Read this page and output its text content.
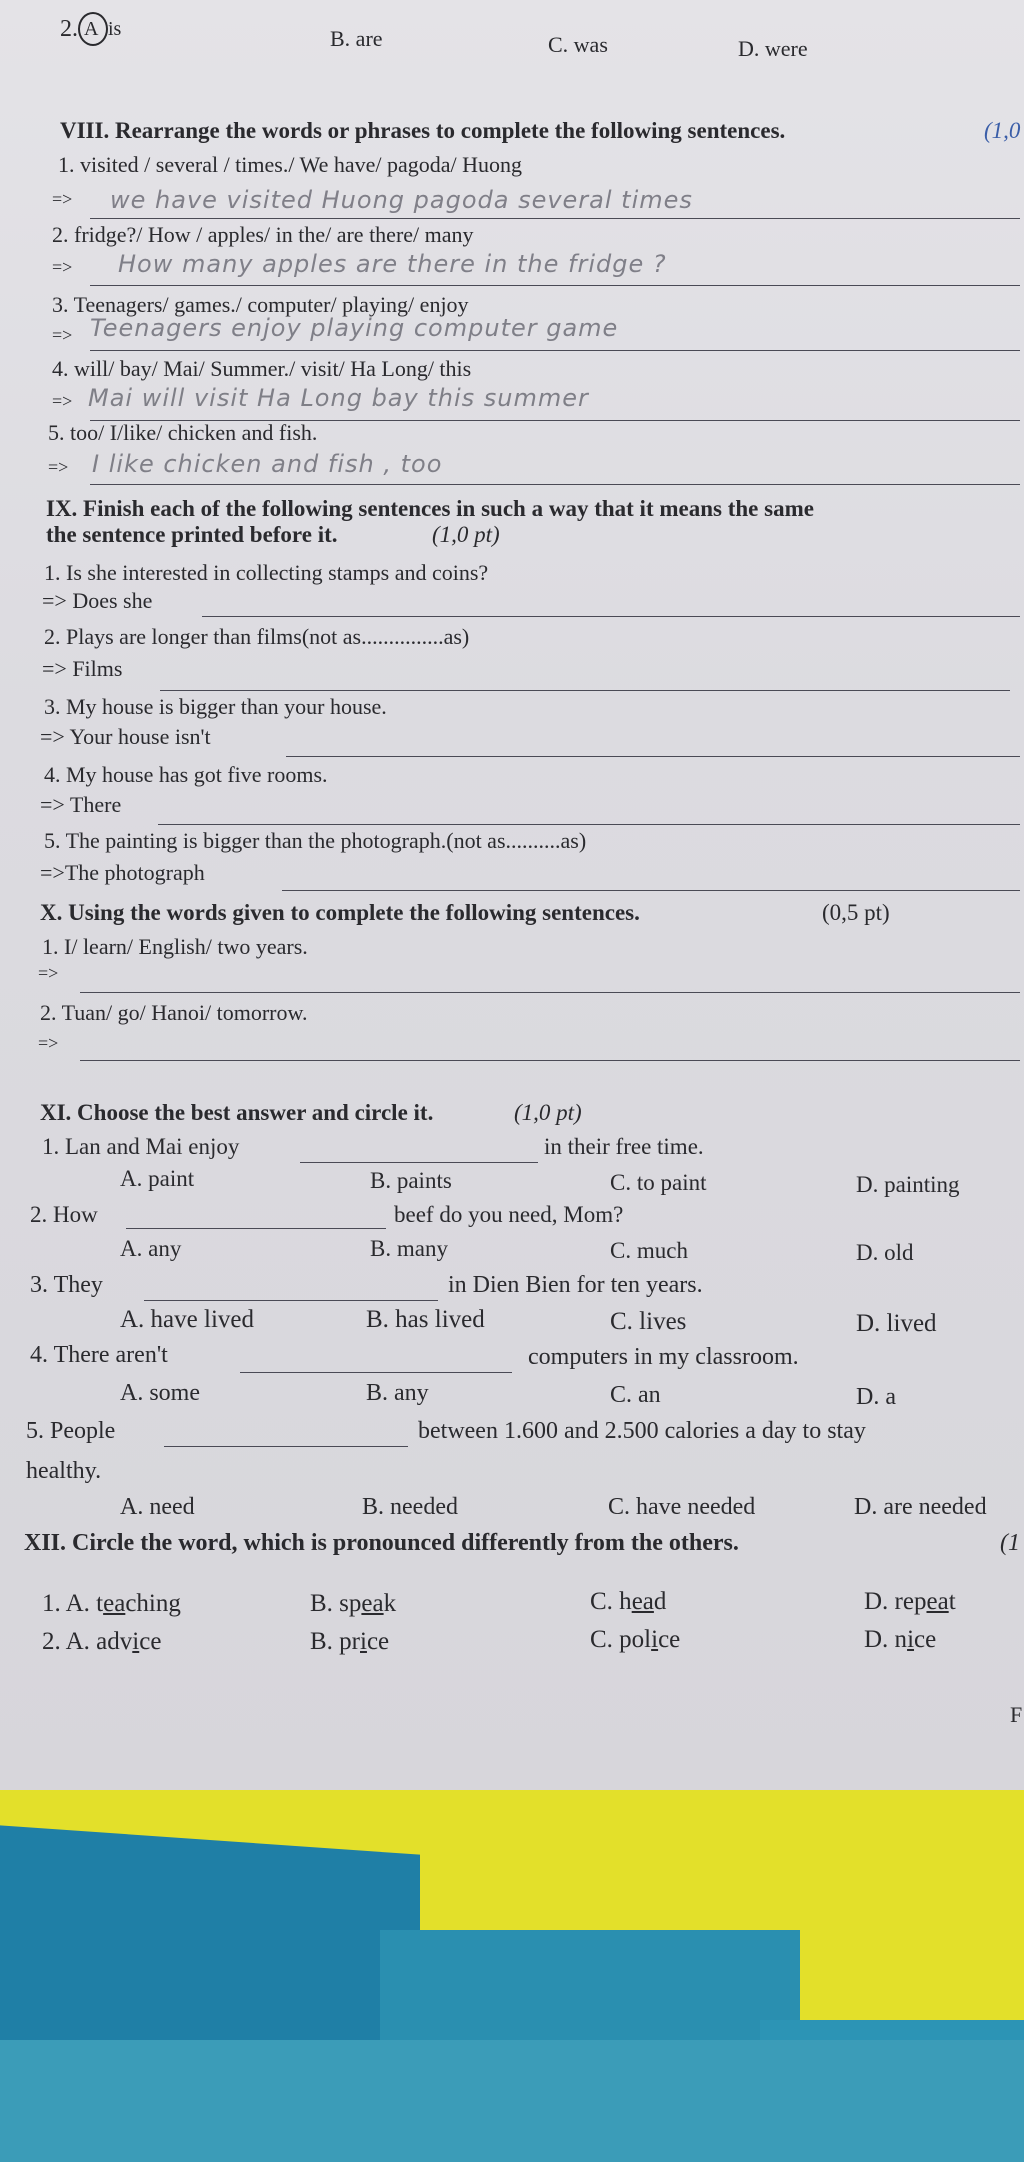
2. A is	B. are	C. was	D. were
VIII. Rearrange the words or phrases to complete the following sentences.	(1,0
1. visited / several / times./ We have/ pagoda/ Huong
=> we have visited Huong pagoda several times
2. fridge?/ How / apples/ in the/ are there/ many
=> How many apples are there in the fridge ?
3. Teenagers/ games./ computer/ playing/ enjoy
=> Teenagers enjoy playing computer game
4. will/ bay/ Mai/ Summer./ visit/ Ha Long/ this
=> Mai will visit Ha Long bay this summer
5. too/ I/like/ chicken and fish.
=> I like chicken and fish , too
IX. Finish each of the following sentences in such a way that it means the same
the sentence printed before it.	(1,0 pt)
1. Is she interested in collecting stamps and coins?
=> Does she
2. Plays are longer than films(not as...............as)
=> Films
3. My house is bigger than your house.
=> Your house isn't
4. My house has got five rooms.
=> There
5. The painting is bigger than the photograph.(not as..........as)
=>The photograph
X. Using the words given to complete the following sentences.	(0,5 pt)
1. I/ learn/ English/ two years.
=>
2. Tuan/ go/ Hanoi/ tomorrow.
=>
XI. Choose the best answer and circle it.	(1,0 pt)
1. Lan and Mai enjoy	in their free time.
A. paint	B. paints	C. to paint	D. painting
2. How	beef do you need, Mom?
A. any	B. many	C. much	D. old
3. They	in Dien Bien for ten years.
A. have lived	B. has lived	C. lives	D. lived
4. There aren't	computers in my classroom.
A. some	B. any	C. an	D. a
5. People	between 1.600 and 2.500 calories a day to stay
healthy.
A. need	B. needed	C. have needed	D. are needed
XII. Circle the word, which is pronounced differently from the others.	(1
1. A. teaching	B. speak	C. head	D. repeat
2. A. advice	B. price	C. police	D. nice
F
